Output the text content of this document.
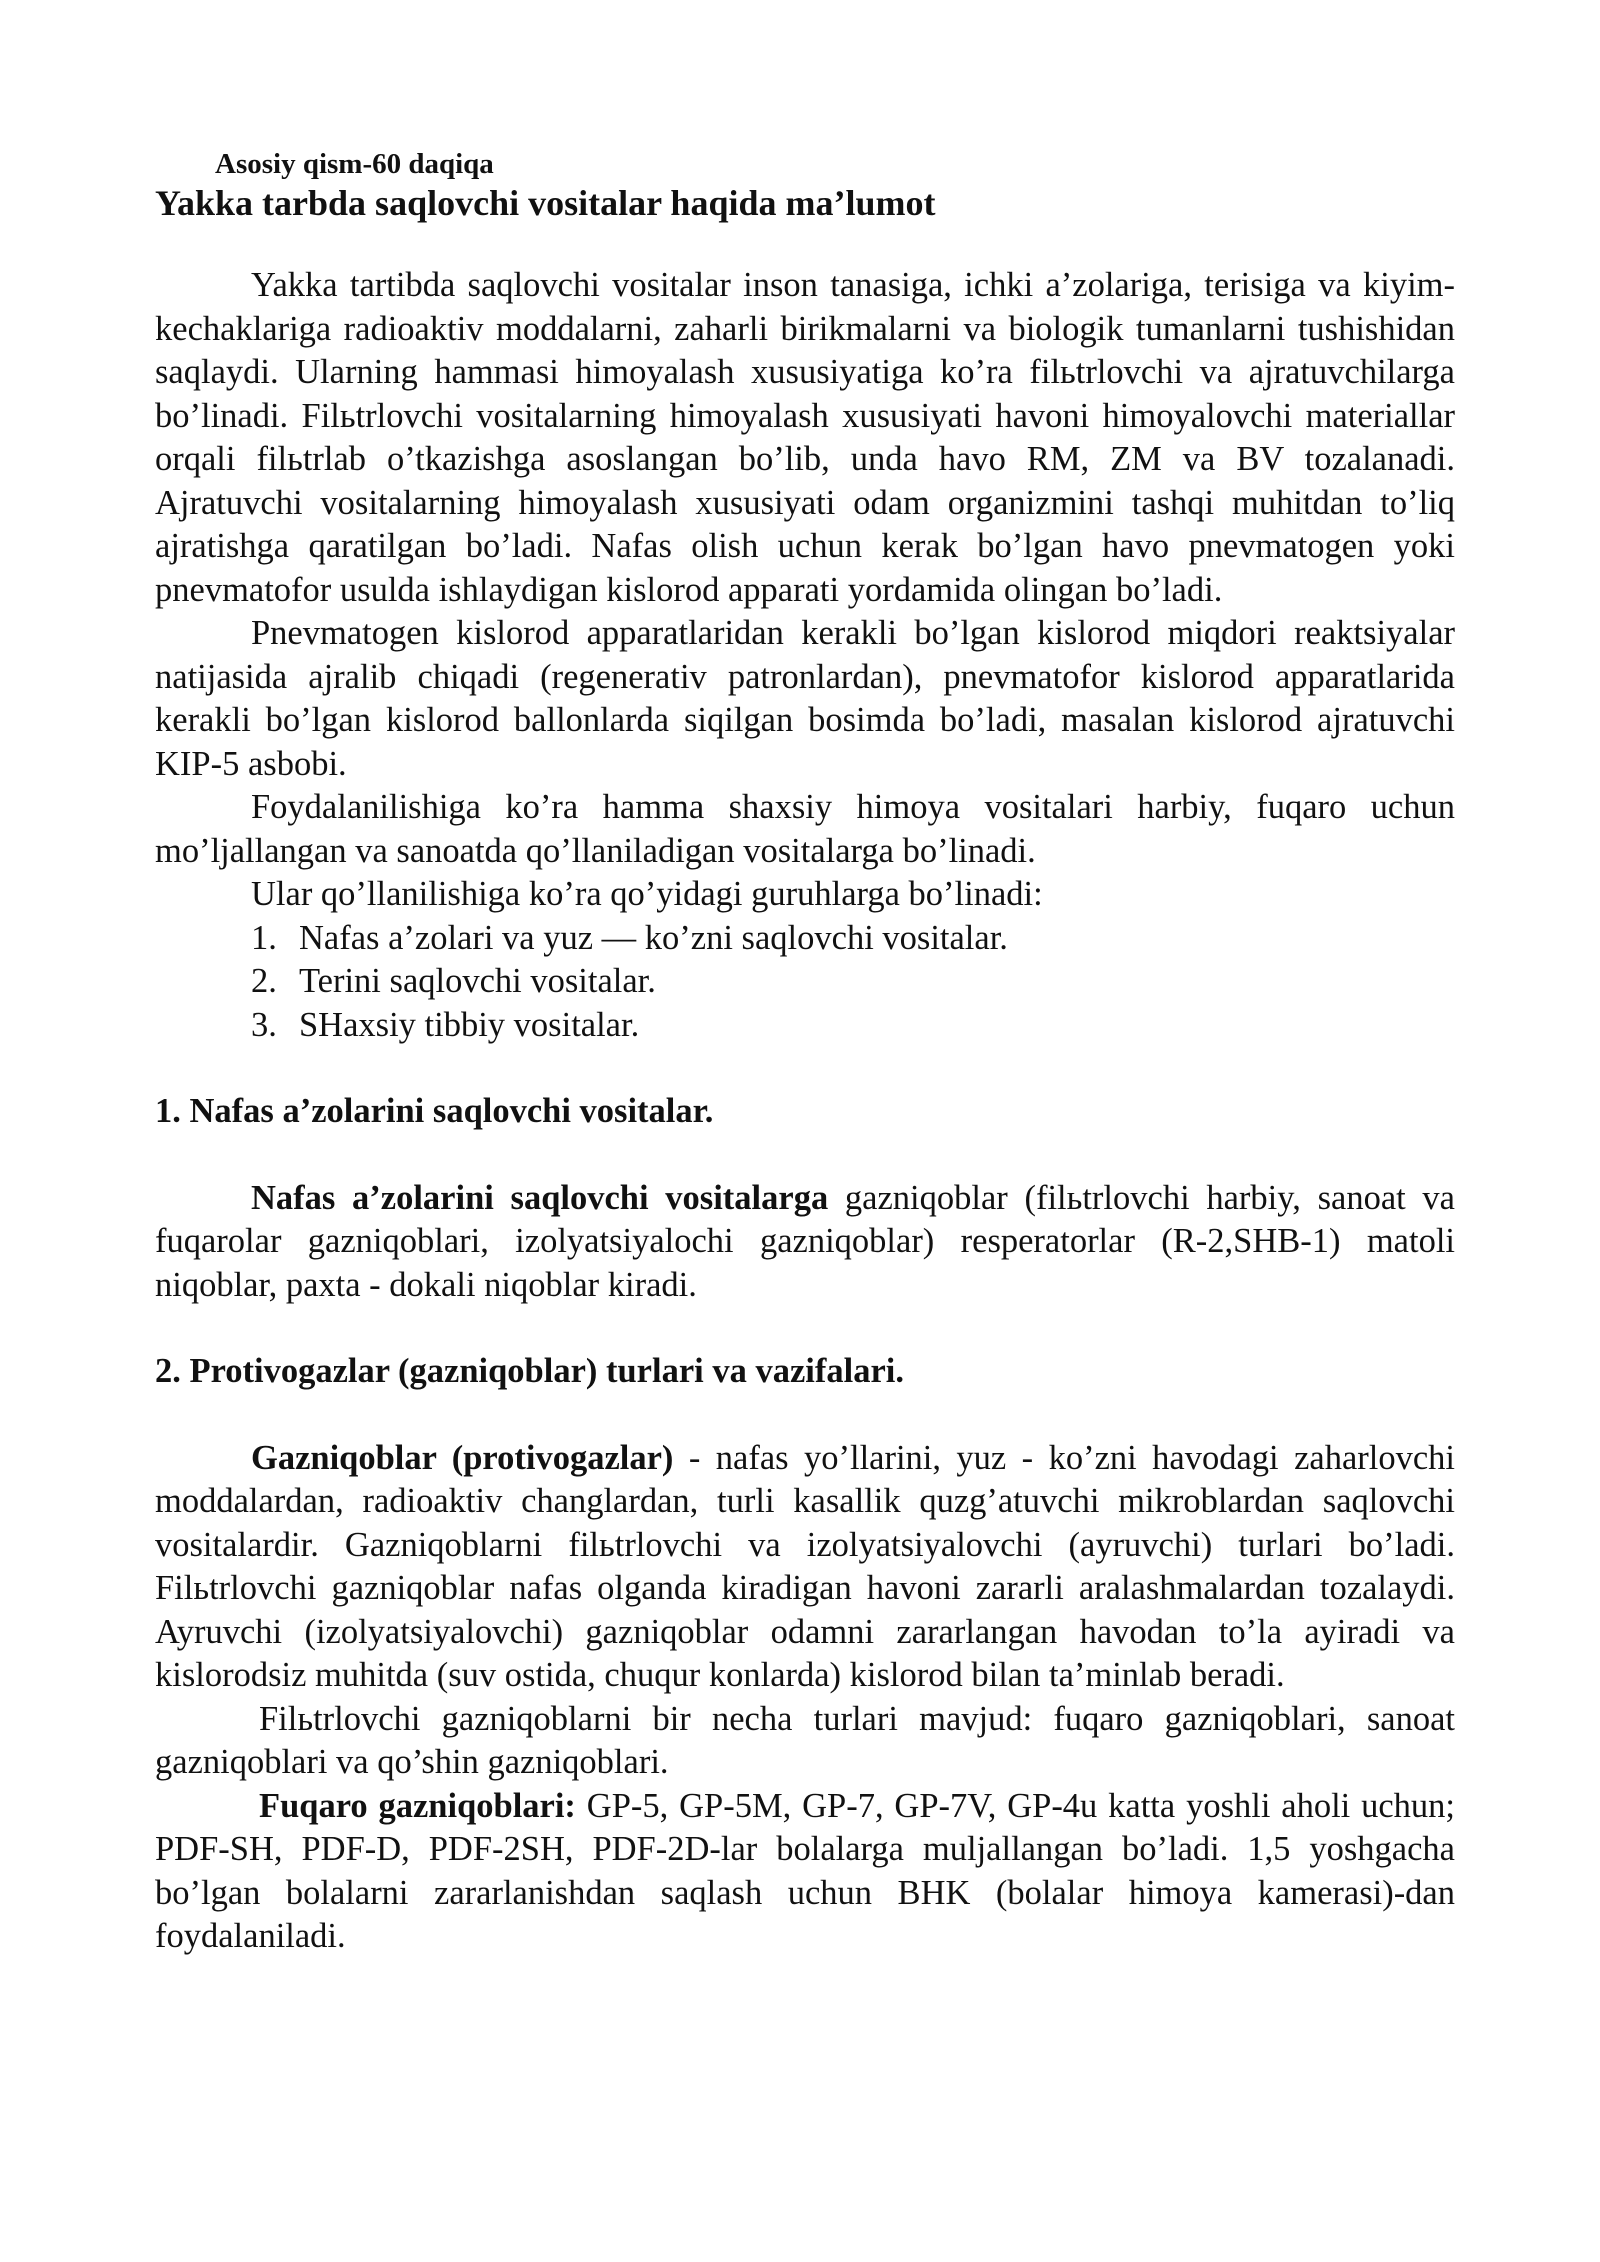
Asosiy qism-60 daqiqa

Yakka tarbda saqlovchi vositalar haqida ma’lumot

Yakka tartibda saqlovchi vositalar inson tanasiga, ichki a’zolariga, terisiga va kiyim-kechaklariga radioaktiv moddalarni, zaharli birikmalarni va biologik tumanlarni tushishidan saqlaydi. Ularning hammasi himoyalash xususiyatiga ko’ra filьtrlovchi va ajratuvchilarga bo’linadi. Filьtrlovchi vositalarning himoyalash xususiyati havoni himoyalovchi materiallar orqali filьtrlab o’tkazishga asoslangan bo’lib, unda havo RM, ZM va BV tozalanadi. Ajratuvchi vositalarning himoyalash xususiyati odam organizmini tashqi muhitdan to’liq ajratishga qaratilgan bo’ladi. Nafas olish uchun kerak bo’lgan havo pnevmatogen yoki pnevmatofor usulda ishlaydigan kislorod apparati yordamida olingan bo’ladi.

Pnevmatogen kislorod apparatlaridan kerakli bo’lgan kislorod miqdori reaktsiyalar natijasida ajralib chiqadi (regenerativ patronlardan), pnevmatofor kislorod apparatlarida kerakli bo’lgan kislorod ballonlarda siqilgan bosimda bo’ladi, masalan kislorod ajratuvchi KIP-5 asbobi.

Foydalanilishiga ko’ra hamma shaxsiy himoya vositalari harbiy, fuqaro uchun mo’ljallangan va sanoatda qo’llaniladigan vositalarga bo’linadi.

Ular qo’llanilishiga ko’ra qo’yidagi guruhlarga bo’linadi:

1. Nafas a’zolari va yuz — ko’zni saqlovchi vositalar.
2. Terini saqlovchi vositalar.
3. SHaxsiy tibbiy vositalar.

1. Nafas a’zolarini saqlovchi vositalar.

Nafas a’zolarini saqlovchi vositalarga gazniqoblar (filьtrlovchi harbiy, sanoat va fuqarolar gazniqoblari, izolyatsiyalochi gazniqoblar) resperatorlar (R-2,SHB-1) matoli niqoblar, paxta - dokali niqoblar kiradi.

2. Protivogazlar (gazniqoblar) turlari va vazifalari.

Gazniqoblar (protivogazlar) - nafas yo’llarini, yuz - ko’zni havodagi zaharlovchi moddalardan, radioaktiv changlardan, turli kasallik quzg’atuvchi mikroblardan saqlovchi vositalardir. Gazniqoblarni filьtrlovchi va izolyatsiyalovchi (ayruvchi) turlari bo’ladi. Filьtrlovchi gazniqoblar nafas olganda kiradigan havoni zararli aralashmalardan tozalaydi. Ayruvchi (izolyatsiyalovchi) gazniqoblar odamni zararlangan havodan to’la ayiradi va kislorodsiz muhitda (suv ostida, chuqur konlarda) kislorod bilan ta’minlab beradi.

Filьtrlovchi gazniqoblarni bir necha turlari mavjud: fuqaro gazniqoblari, sanoat gazniqoblari va qo’shin gazniqoblari.

Fuqaro gazniqoblari: GP-5, GP-5M, GP-7, GP-7V, GP-4u katta yoshli aholi uchun; PDF-SH, PDF-D, PDF-2SH, PDF-2D-lar bolalarga muljallangan bo’ladi. 1,5 yoshgacha bo’lgan bolalarni zararlanishdan saqlash uchun BHK (bolalar himoya kamerasi)-dan foydalaniladi.
